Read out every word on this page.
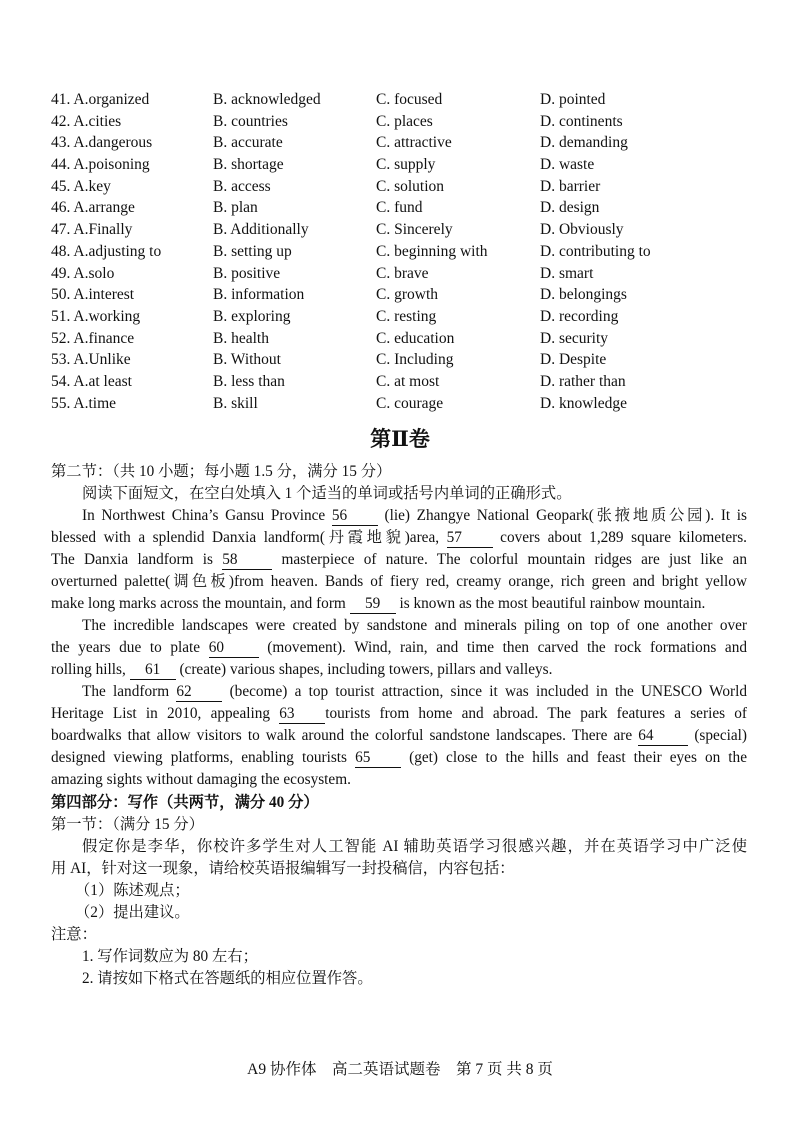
41. A.organized	B. acknowledged	C. focused	D. pointed
42. A.cities	B. countries	C. places	D. continents
43. A.dangerous	B. accurate	C. attractive	D. demanding
44. A.poisoning	B. shortage	C. supply	D. waste
45. A.key	B. access	C. solution	D. barrier
46. A.arrange	B. plan	C. fund	D. design
47. A.Finally	B. Additionally	C. Sincerely	D. Obviously
48. A.adjusting to	B. setting up	C. beginning with	D. contributing to
49. A.solo	B. positive	C. brave	D. smart
50. A.interest	B. information	C. growth	D. belongings
51. A.working	B. exploring	C. resting	D. recording
52. A.finance	B. health	C. education	D. security
53. A.Unlike	B. Without	C. Including	D. Despite
54. A.at least	B. less than	C. at most	D. rather than
55. A.time	B. skill	C. courage	D. knowledge
第Ⅱ卷
第二节：（共 10 小题；每小题 1.5 分，满分 15 分）
阅读下面短文，在空白处填入 1 个适当的单词或括号内单词的正确形式。
In Northwest China’s Gansu Province 56 (lie) Zhangye National Geopark(张掖地质公园). It is
blessed with a splendid Danxia landform(丹霞地貌)area, 57 covers about 1,289 square kilometers.
The Danxia landform is 58 masterpiece of nature. The colorful mountain ridges are just like an
overturned palette(调色板)from heaven. Bands of fiery red, creamy orange, rich green and bright yellow
make long marks across the mountain, and form 59 is known as the most beautiful rainbow mountain.
The incredible landscapes were created by sandstone and minerals piling on top of one another over
the years due to plate 60 (movement). Wind, rain, and time then carved the rock formations and
rolling hills, 61 (create) various shapes, including towers, pillars and valleys.
The landform 62 (become) a top tourist attraction, since it was included in the UNESCO World
Heritage List in 2010, appealing 63 tourists from home and abroad. The park features a series of
boardwalks that allow visitors to walk around the colorful sandstone landscapes. There are 64 (special)
designed viewing platforms, enabling tourists 65 (get) close to the hills and feast their eyes on the
amazing sights without damaging the ecosystem.
第四部分：写作（共两节，满分 40 分）
第一节：（满分 15 分）
假定你是李华，你校许多学生对人工智能 AI 辅助英语学习很感兴趣，并在英语学习中广泛使
用 AI，针对这一现象，请给校英语报编辑写一封投稿信，内容包括：
（1）陈述观点；
（2）提出建议。
注意：
1. 写作词数应为 80 左右；
2. 请按如下格式在答题纸的相应位置作答。
A9 协作体　高二英语试题卷　第 7 页 共 8 页
